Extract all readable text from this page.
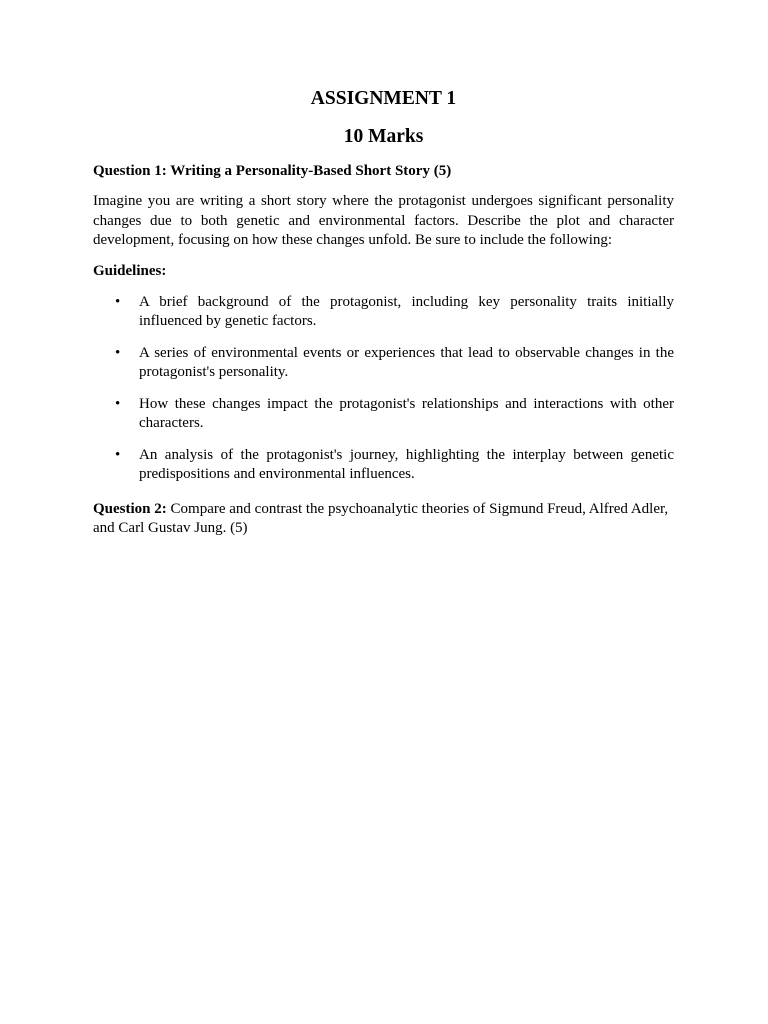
ASSIGNMENT 1
10 Marks
Question 1: Writing a Personality-Based Short Story (5)
Imagine you are writing a short story where the protagonist undergoes significant personality changes due to both genetic and environmental factors. Describe the plot and character development, focusing on how these changes unfold. Be sure to include the following:
Guidelines:
• A brief background of the protagonist, including key personality traits initially influenced by genetic factors.
• A series of environmental events or experiences that lead to observable changes in the protagonist's personality.
• How these changes impact the protagonist's relationships and interactions with other characters.
• An analysis of the protagonist's journey, highlighting the interplay between genetic predispositions and environmental influences.
Question 2: Compare and contrast the psychoanalytic theories of Sigmund Freud, Alfred Adler, and Carl Gustav Jung. (5)
